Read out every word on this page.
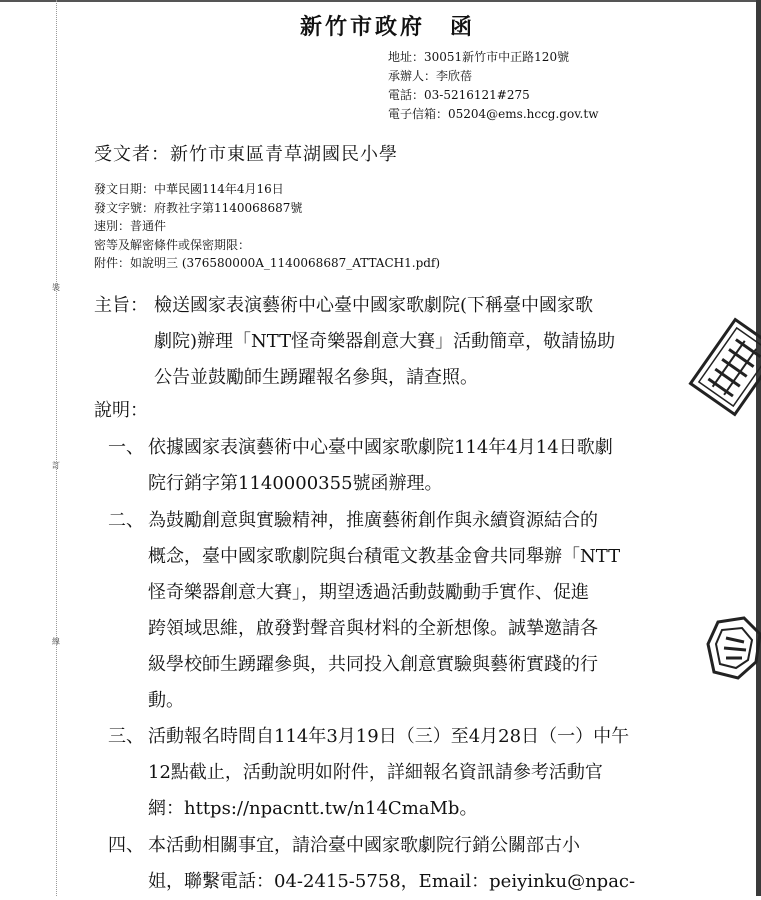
裝
訂
線
新竹市政府　函
地址：30051新竹市中正路120號
承辦人：李欣蓓
電話：03-5216121#275
電子信箱：05204@ems.hccg.gov.tw
受文者：新竹市東區青草湖國民小學
發文日期：中華民國114年4月16日
發文字號：府教社字第1140068687號
速別：普通件
密等及解密條件或保密期限：
附件：如說明三 (376580000A_1140068687_ATTACH1.pdf)
主旨： 檢送國家表演藝術中心臺中國家歌劇院(下稱臺中國家歌
劇院)辦理「NTT怪奇樂器創意大賽」活動簡章，敬請協助
公告並鼓勵師生踴躍報名參與，請查照。
說明：
一、 依據國家表演藝術中心臺中國家歌劇院114年4月14日歌劇
院行銷字第1140000355號函辦理。
二、 為鼓勵創意與實驗精神，推廣藝術創作與永續資源結合的
概念，臺中國家歌劇院與台積電文教基金會共同舉辦「NTT
怪奇樂器創意大賽」，期望透過活動鼓勵動手實作、促進
跨領域思維，啟發對聲音與材料的全新想像。誠摯邀請各
級學校師生踴躍參與，共同投入創意實驗與藝術實踐的行
動。
三、 活動報名時間自114年3月19日（三）至4月28日（一）中午
12點截止，活動說明如附件，詳細報名資訊請參考活動官
網：https://npacntt.tw/n14CmaMb。
四、 本活動相關事宜，請洽臺中國家歌劇院行銷公關部古小
姐，聯繫電話：04-2415-5758，Email：peiyinku@npac-
